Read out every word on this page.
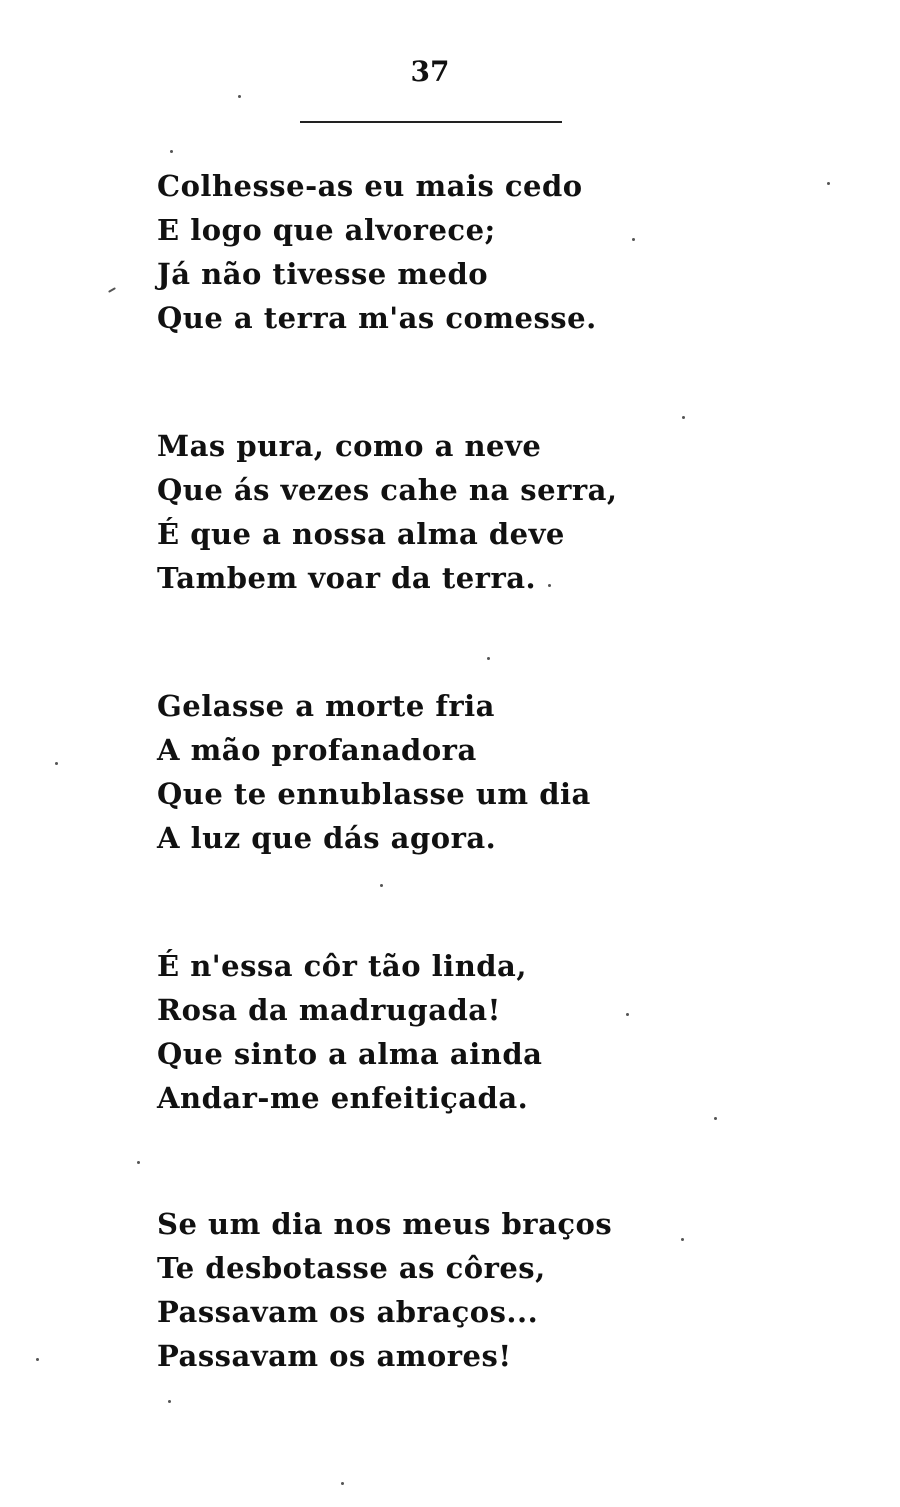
37
Colhesse-as eu mais cedo
E logo que alvorece;
Já não tivesse medo
Que a terra m'as comesse.
Mas pura, como a neve
Que ás vezes cahe na serra,
É que a nossa alma deve
Tambem voar da terra.
Gelasse a morte fria
A mão profanadora
Que te ennublasse um dia
A luz que dás agora.
É n'essa côr tão linda,
Rosa da madrugada!
Que sinto a alma ainda
Andar-me enfeitiçada.
Se um dia nos meus braços
Te desbotasse as côres,
Passavam os abraços...
Passavam os amores!
